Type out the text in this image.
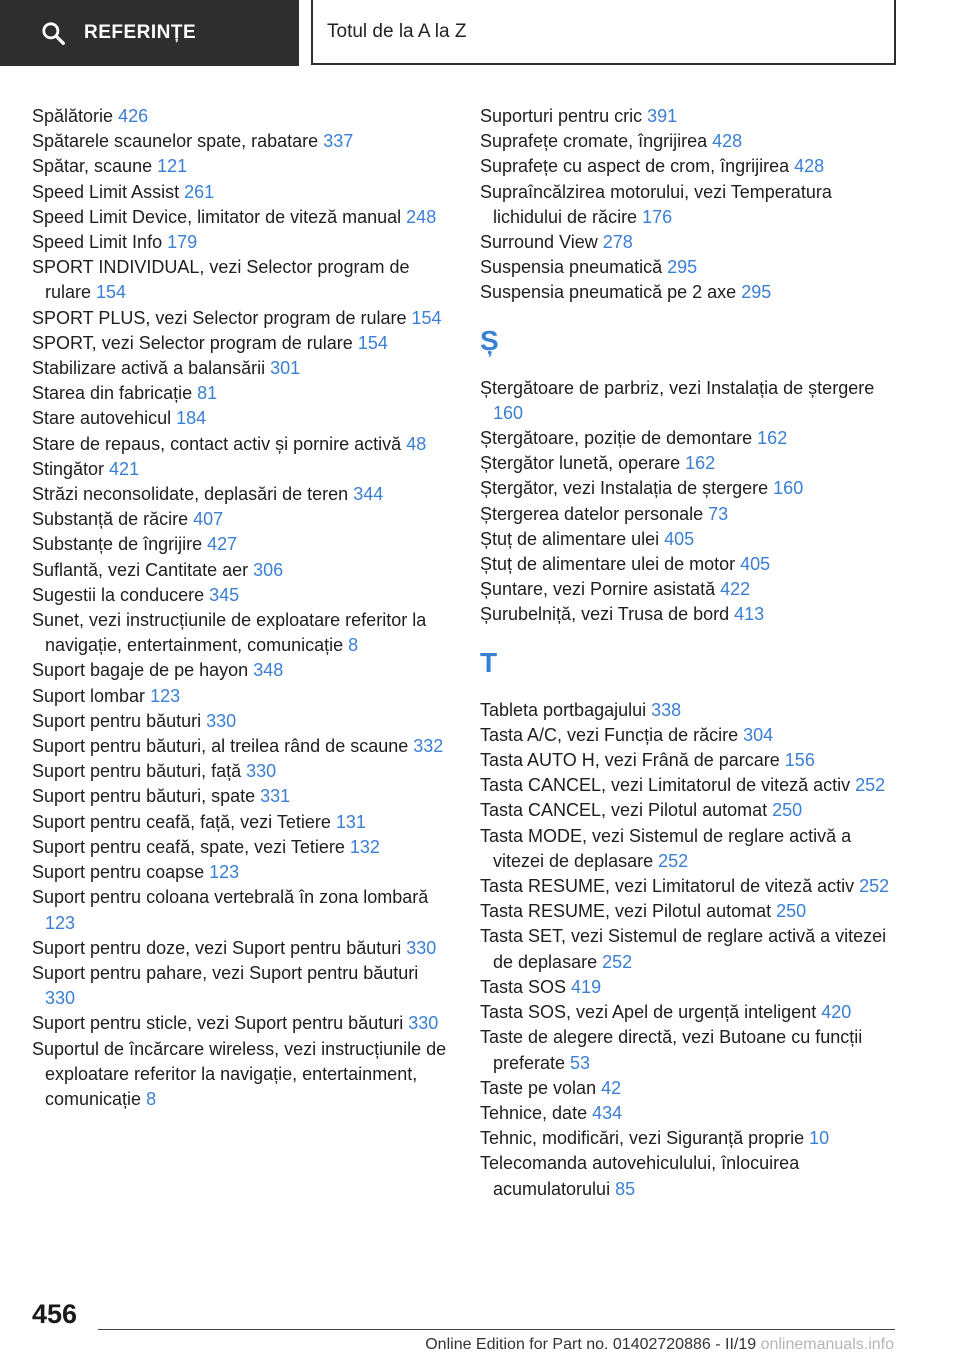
REFERINȚE	Totul de la A la Z
Spălătorie 426
Spătarele scaunelor spate, rabatare 337
Spătar, scaune 121
Speed Limit Assist 261
Speed Limit Device, limitator de viteză manual 248
Speed Limit Info 179
SPORT INDIVIDUAL, vezi Selector program de rulare 154
SPORT PLUS, vezi Selector program de rulare 154
SPORT, vezi Selector program de rulare 154
Stabilizare activă a balansării 301
Starea din fabricație 81
Stare autovehicul 184
Stare de repaus, contact activ și pornire activă 48
Stingător 421
Străzi neconsolidate, deplasări de teren 344
Substanță de răcire 407
Substanțe de îngrijire 427
Suflantă, vezi Cantitate aer 306
Sugestii la conducere 345
Sunet, vezi instrucțiunile de exploatare referitor la navigație, entertainment, comunicație 8
Suport bagaje de pe hayon 348
Suport lombar 123
Suport pentru băuturi 330
Suport pentru băuturi, al treilea rând de scaune 332
Suport pentru băuturi, față 330
Suport pentru băuturi, spate 331
Suport pentru ceafă, față, vezi Tetiere 131
Suport pentru ceafă, spate, vezi Tetiere 132
Suport pentru coapse 123
Suport pentru coloana vertebrală în zona lombară 123
Suport pentru doze, vezi Suport pentru băuturi 330
Suport pentru pahare, vezi Suport pentru băuturi 330
Suport pentru sticle, vezi Suport pentru băuturi 330
Suportul de încărcare wireless, vezi instrucțiunile de exploatare referitor la navigație, entertainment, comunicație 8
Suporturi pentru cric 391
Suprafețe cromate, îngrijirea 428
Suprafețe cu aspect de crom, îngrijirea 428
Supraîncălzirea motorului, vezi Temperatura lichidului de răcire 176
Surround View 278
Suspensia pneumatică 295
Suspensia pneumatică pe 2 axe 295
Ș
Ștergătoare de parbriz, vezi Instalația de ștergere 160
Ștergătoare, poziție de demontare 162
Ștergător lunetă, operare 162
Ștergător, vezi Instalația de ștergere 160
Ștergerea datelor personale 73
Ștuț de alimentare ulei 405
Ștuț de alimentare ulei de motor 405
Șuntare, vezi Pornire asistată 422
Șurubelniță, vezi Trusa de bord 413
T
Tableta portbagajului 338
Tasta A/C, vezi Funcția de răcire 304
Tasta AUTO H, vezi Frână de parcare 156
Tasta CANCEL, vezi Limitatorul de viteză activ 252
Tasta CANCEL, vezi Pilotul automat 250
Tasta MODE, vezi Sistemul de reglare activă a vitezei de deplasare 252
Tasta RESUME, vezi Limitatorul de viteză activ 252
Tasta RESUME, vezi Pilotul automat 250
Tasta SET, vezi Sistemul de reglare activă a vitezei de deplasare 252
Tasta SOS 419
Tasta SOS, vezi Apel de urgență inteligent 420
Taste de alegere directă, vezi Butoane cu funcții preferate 53
Taste pe volan 42
Tehnice, date 434
Tehnic, modificări, vezi Siguranță proprie 10
Telecomanda autovehiculului, înlocuirea acumulatorului 85
456
Online Edition for Part no. 01402720886 - II/19 onlinemanuals.info
